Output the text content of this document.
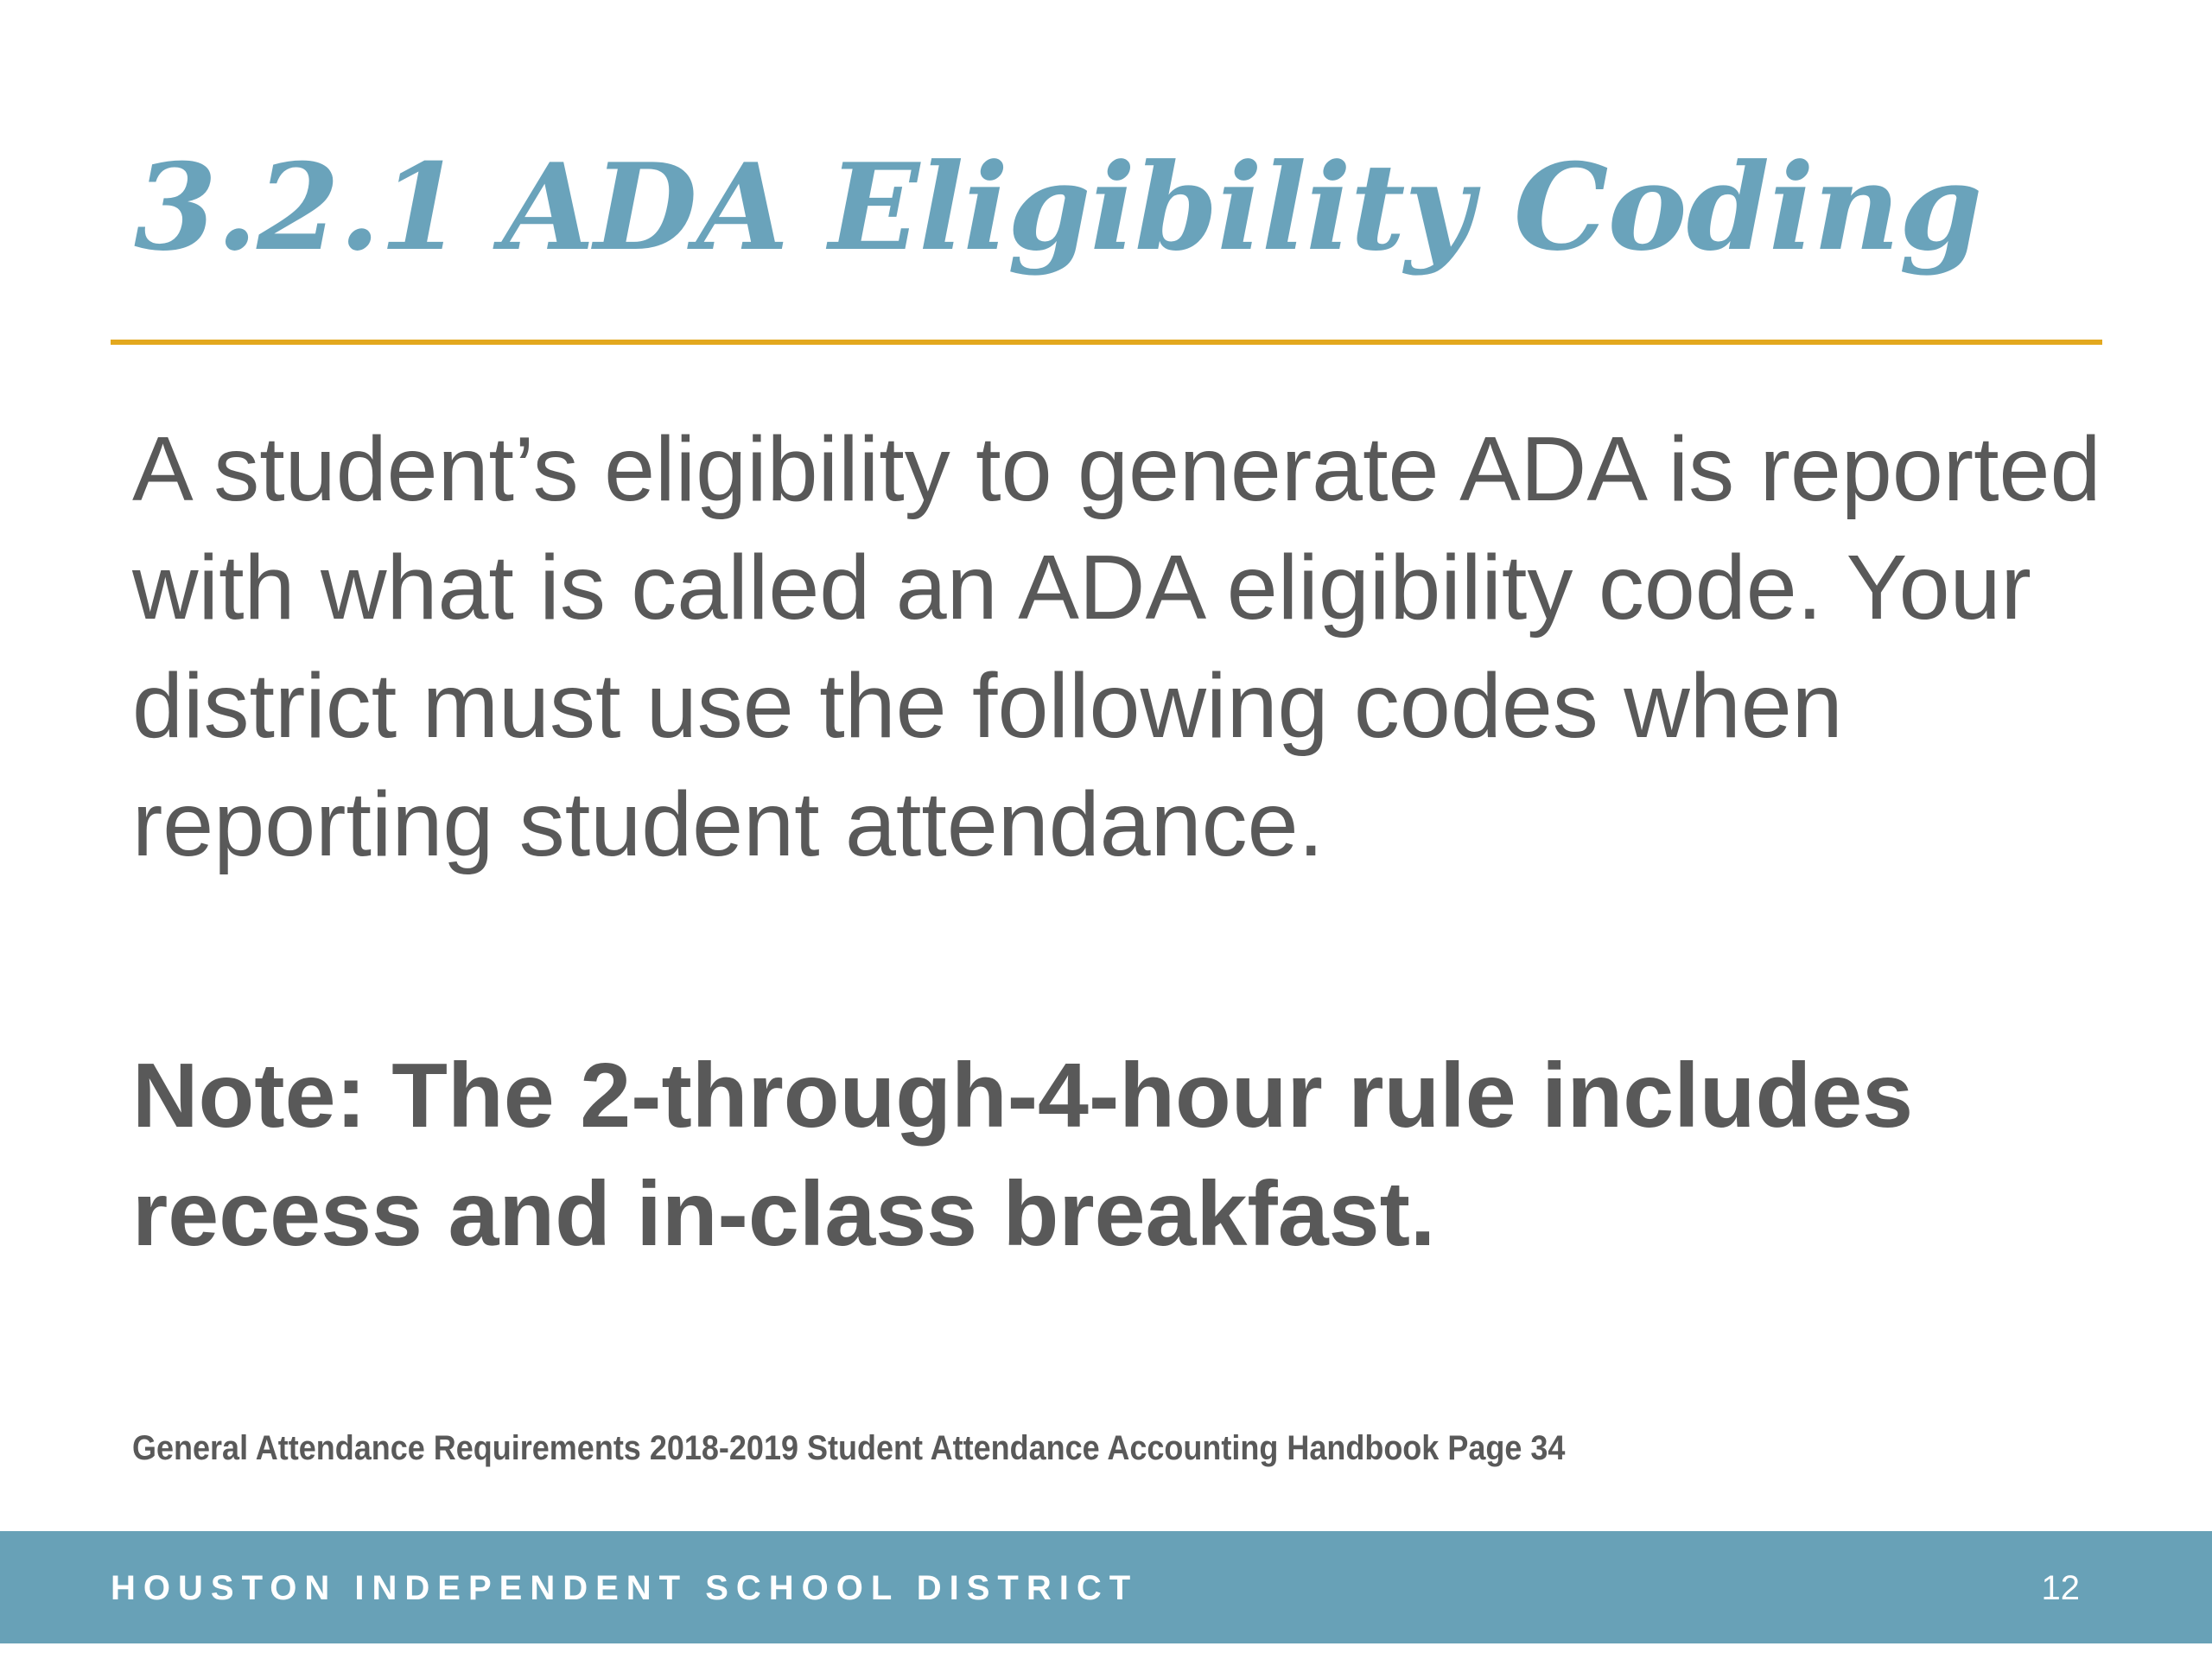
3.2.1 ADA Eligibility Coding

A student’s eligibility to generate ADA is reported with what is called an ADA eligibility code. Your district must use the following codes when reporting student attendance.

Note: The 2-through-4-hour rule includes recess and in-class breakfast.

General Attendance Requirements 2018-2019 Student Attendance Accounting Handbook Page 34

HOUSTON INDEPENDENT SCHOOL DISTRICT	12
